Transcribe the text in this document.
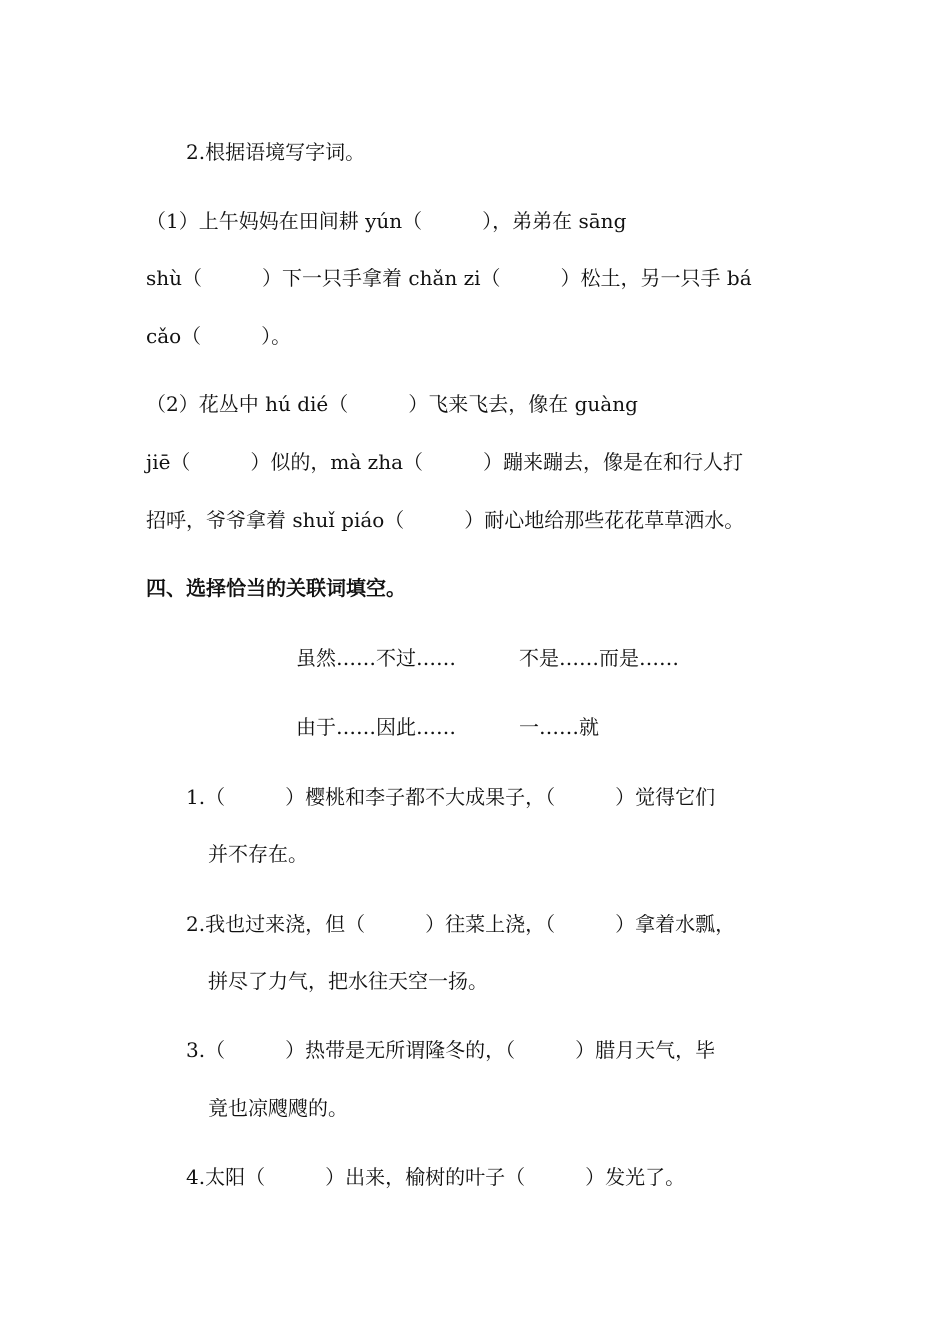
2.根据语境写字词。
（1）上午妈妈在田间耕 yún（　　　），弟弟在 sāng
shù（　　　）下一只手拿着 chǎn zi（　　　）松土，另一只手 bá
cǎo（　　　）。
（2）花丛中 hú dié（　　　）飞来飞去，像在 guàng
jiē（　　　）似的，mà zha（　　　）蹦来蹦去，像是在和行人打
招呼，爷爷拿着 shuǐ piáo（　　　）耐心地给那些花花草草洒水。
四、选择恰当的关联词填空。
虽然……不过……	不是……而是……
由于……因此……	一……就
1.（　　　）樱桃和李子都不大成果子，（　　　）觉得它们
并不存在。
2.我也过来浇，但（　　　）往菜上浇，（　　　）拿着水瓢，
拼尽了力气，把水往天空一扬。
3.（　　　）热带是无所谓隆冬的，（　　　）腊月天气，毕
竟也凉飕飕的。
4.太阳（　　　）出来，榆树的叶子（　　　）发光了。
